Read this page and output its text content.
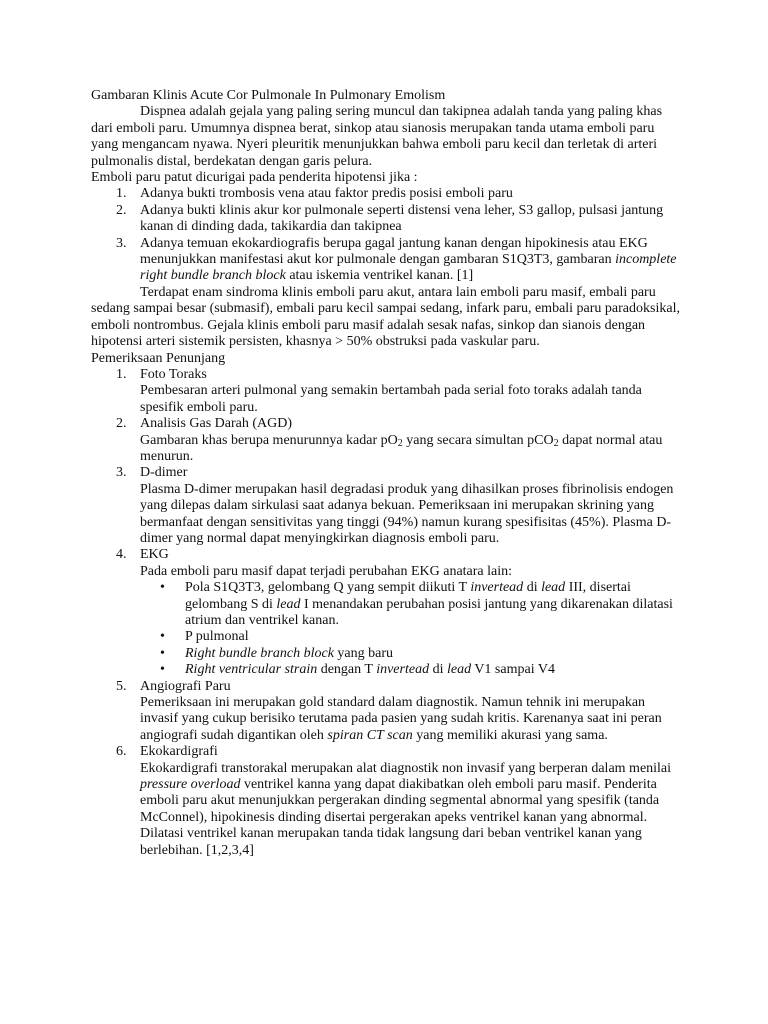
Gambaran Klinis Acute Cor Pulmonale In Pulmonary Emolism

Dispnea adalah gejala yang paling sering muncul dan takipnea adalah tanda yang paling khas dari emboli paru. Umumnya dispnea berat, sinkop atau sianosis merupakan tanda utama emboli paru yang mengancam nyawa. Nyeri pleuritik menunjukkan bahwa emboli paru kecil dan terletak di arteri pulmonalis distal, berdekatan dengan garis pelura.

Emboli paru patut dicurigai pada penderita hipotensi jika :

1. Adanya bukti trombosis vena atau faktor predis posisi emboli paru
2. Adanya bukti klinis akur kor pulmonale seperti distensi vena leher, S3 gallop, pulsasi jantung kanan di dinding dada, takikardia dan takipnea
3. Adanya temuan ekokardiografis berupa gagal jantung kanan dengan hipokinesis atau EKG menunjukkan manifestasi akut kor pulmonale dengan gambaran S1Q3T3, gambaran incomplete right bundle branch block atau iskemia ventrikel kanan. [1]

Terdapat enam sindroma klinis emboli paru akut, antara lain emboli paru masif, embali paru sedang sampai besar (submasif), embali paru kecil sampai sedang, infark paru, embali paru paradoksikal, emboli nontrombus. Gejala klinis emboli paru masif adalah sesak nafas, sinkop dan sianois dengan hipotensi arteri sistemik persisten, khasnya > 50% obstruksi pada vaskular paru.

Pemeriksaan Penunjang

1. Foto Toraks

Pembesaran arteri pulmonal yang semakin bertambah pada serial foto toraks adalah tanda spesifik emboli paru.

2. Analisis Gas Darah (AGD)

Gambaran khas berupa menurunnya kadar $pO_2$ yang secara simultan pCO$_2$ dapat normal atau menurun.

3. D-dimer

Plasma D-dimer merupakan hasil degradasi produk yang dihasilkan proses fibrinolisis endogen yang dilepas dalam sirkulasi saat adanya bekuan. Pemeriksaan ini merupakan skrining yang bermanfaat dengan sensitivitas yang tinggi (94%) namun kurang spesifisitas (45%). Plasma D-dimer yang normal dapat menyingkirkan diagnosis emboli paru.

4. EKG

Pada emboli paru masif dapat terjadi perubahan EKG anatara lain:

• Pola S1Q3T3, gelombang Q yang sempit diikuti T invertead di lead III, disertai gelombang S di lead I menandakan perubahan posisi jantung yang dikarenakan dilatasi atrium dan ventrikel kanan.
• P pulmonal
• Right bundle branch block yang baru
• Right ventricular strain dengan T invertead di lead V1 sampai V4
5. Angiografi Paru

Pemeriksaan ini merupakan gold standard dalam diagnostik. Namun tehnik ini merupakan invasif yang cukup berisiko terutama pada pasien yang sudah kritis. Karenanya saat ini peran angiografi sudah digantikan oleh spiran CT scan yang memiliki akurasi yang sama.

6. Ekokardigrafi

Ekokardigrafi transtorakal merupakan alat diagnostik non invasif yang berperan dalam menilai pressure overload ventrikel kanna yang dapat diakibatkan oleh emboli paru masif. Penderita emboli paru akut menunjukkan pergerakan dinding segmental abnormal yang spesifik (tanda McConnel), hipokinesis dinding disertai pergerakan apeks ventrikel kanan yang abnormal. Dilatasi ventrikel kanan merupakan tanda tidak langsung dari beban ventrikel kanan yang berlebihan. [1,2,3,4]
